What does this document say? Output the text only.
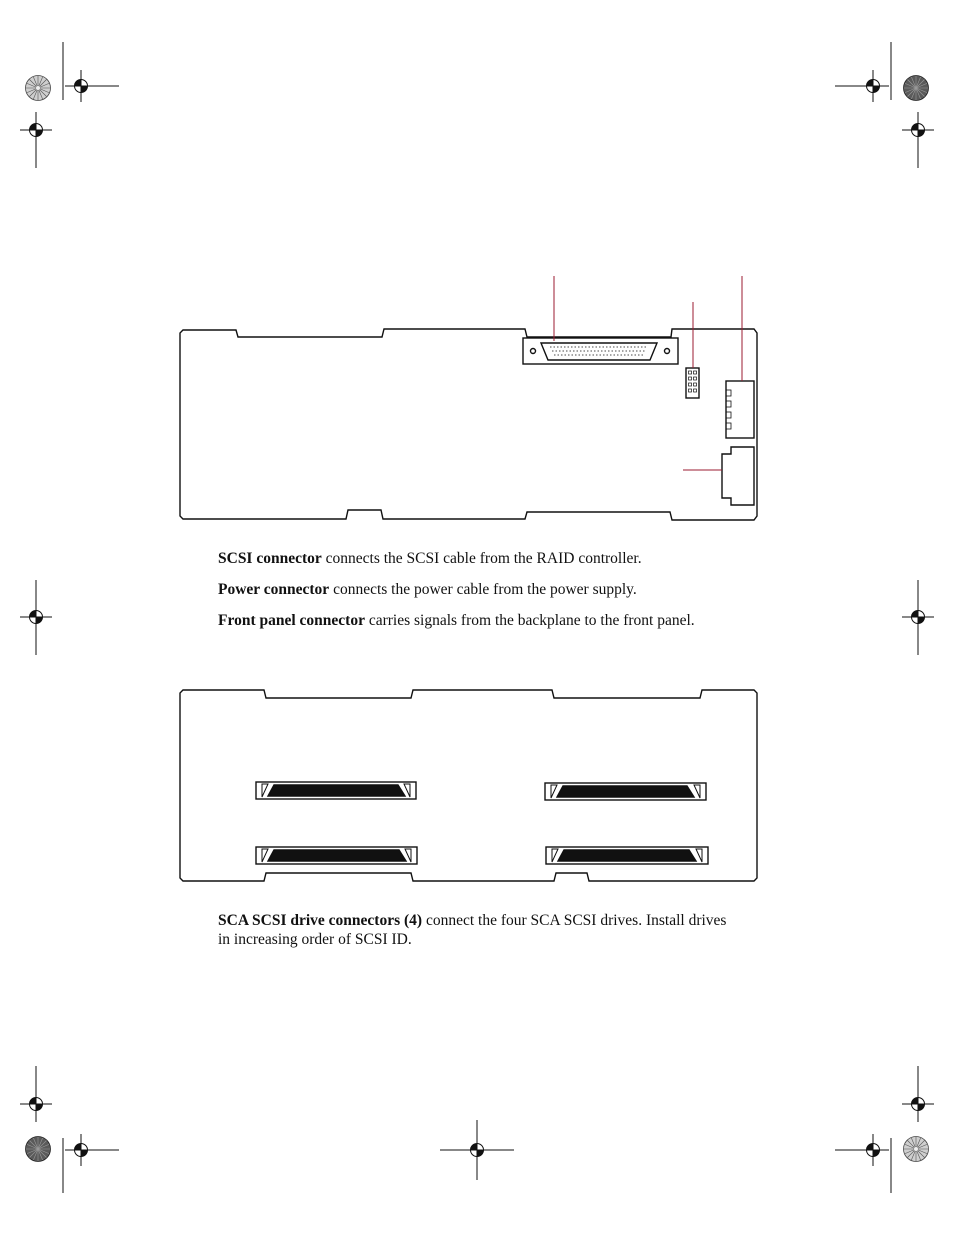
SCSI connector connects the SCSI cable from the RAID controller.

Power connector connects the power cable from the power supply.

Front panel connector carries signals from the backplane to the front panel.

SCA SCSI drive connectors (4) connect the four SCA SCSI drives. Install drives
in increasing order of SCSI ID.
